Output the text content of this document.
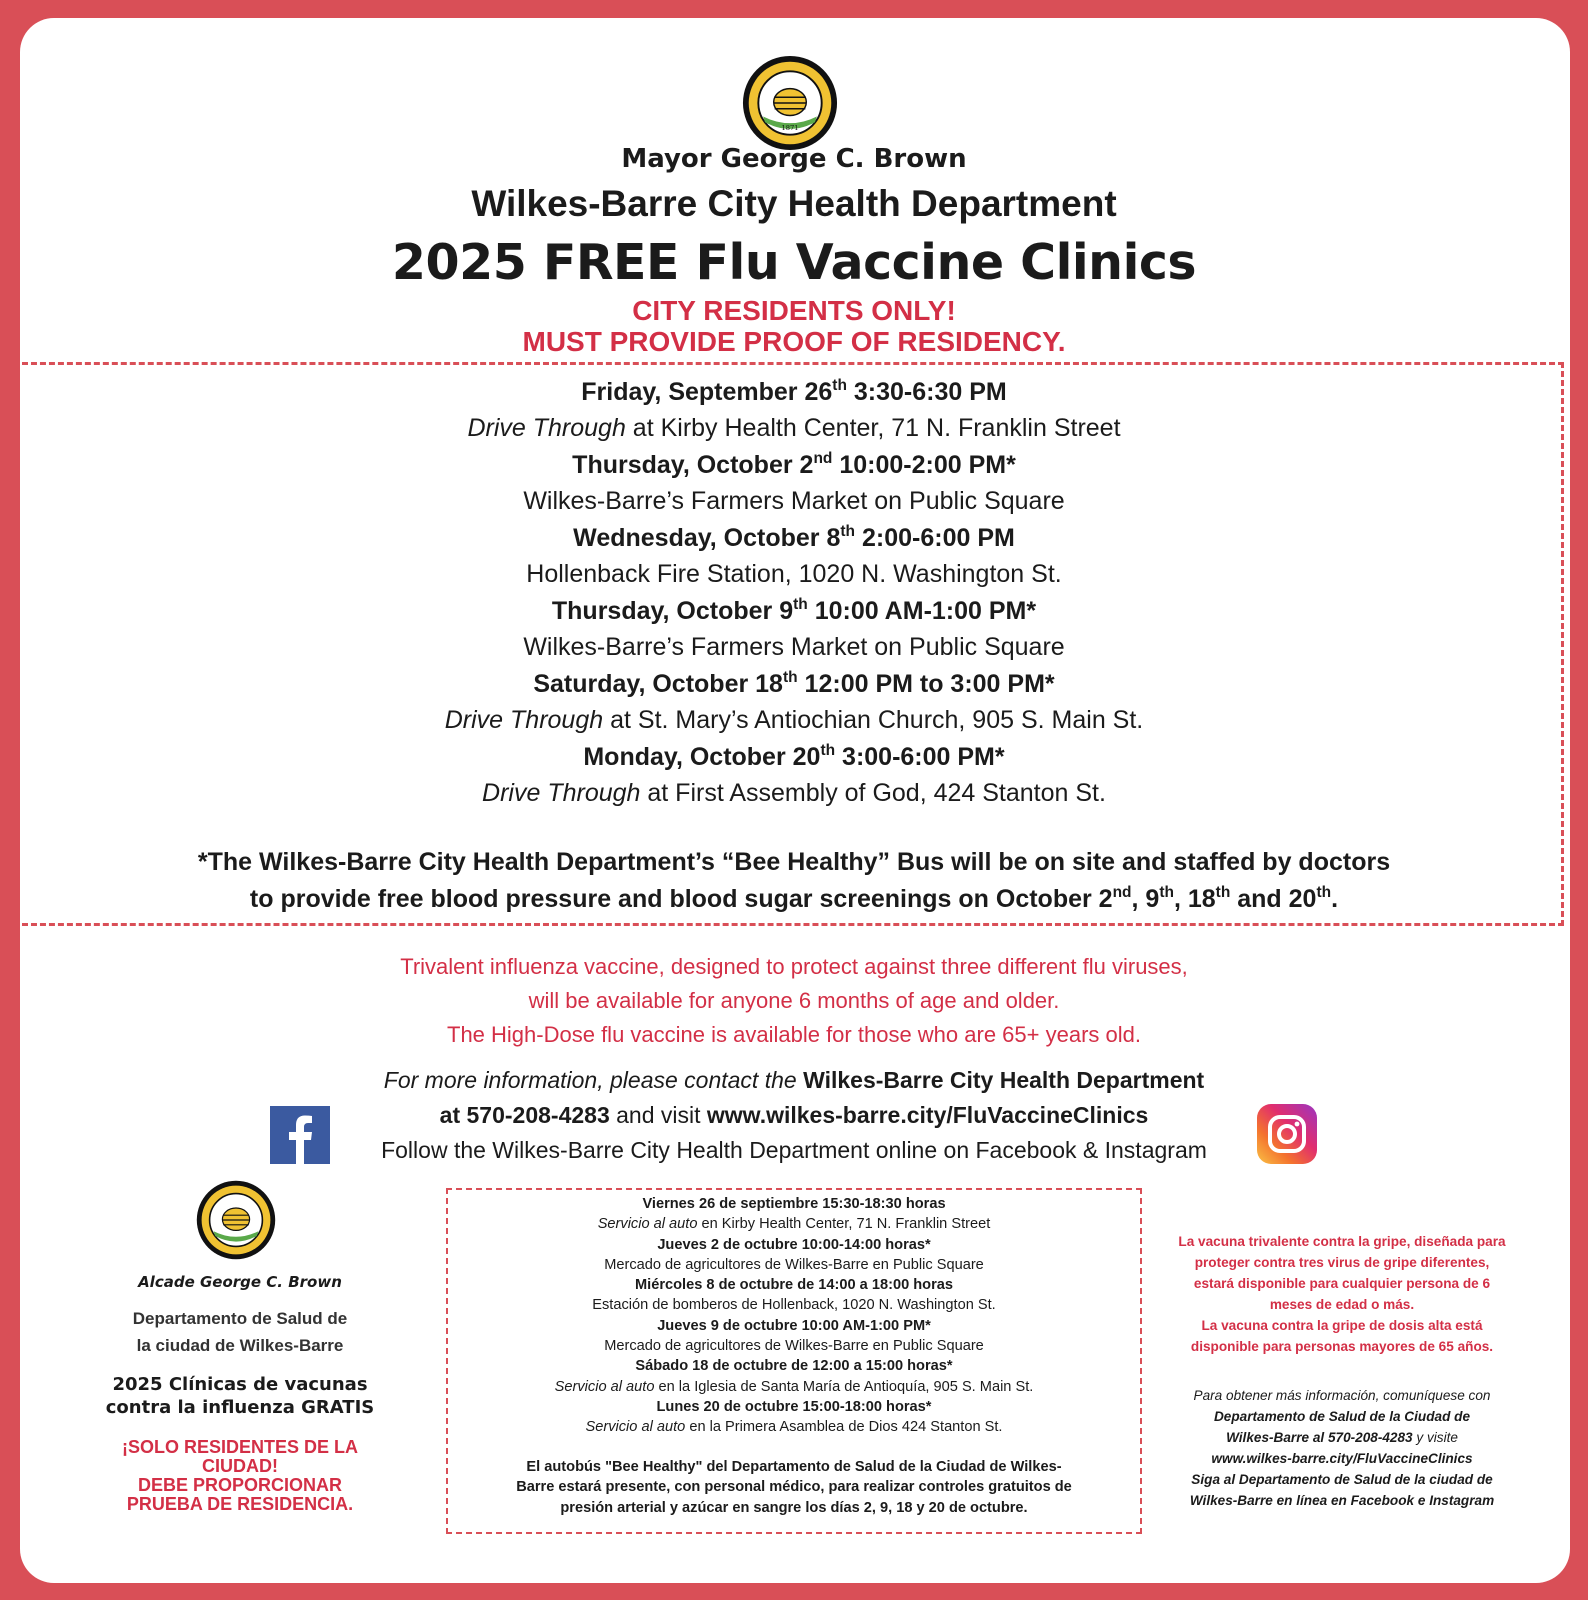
1871
Mayor George C. Brown
Wilkes-Barre City Health Department
2025 FREE Flu Vaccine Clinics
CITY RESIDENTS ONLY!
MUST PROVIDE PROOF OF RESIDENCY.
Friday, September 26th 3:30-6:30 PM
Drive Through at Kirby Health Center, 71 N. Franklin Street
Thursday, October 2nd 10:00-2:00 PM*
Wilkes-Barre’s Farmers Market on Public Square
Wednesday, October 8th 2:00-6:00 PM
Hollenback Fire Station, 1020 N. Washington St.
Thursday, October 9th 10:00 AM-1:00 PM*
Wilkes-Barre’s Farmers Market on Public Square
Saturday, October 18th 12:00 PM to 3:00 PM*
Drive Through at St. Mary’s Antiochian Church, 905 S. Main St.
Monday, October 20th 3:00-6:00 PM*
Drive Through at First Assembly of God, 424 Stanton St.
*The Wilkes-Barre City Health Department’s “Bee Healthy” Bus will be on site and staffed by doctors
to provide free blood pressure and blood sugar screenings on October 2nd, 9th, 18th and 20th.
Trivalent influenza vaccine, designed to protect against three different flu viruses,
will be available for anyone 6 months of age and older.
The High-Dose flu vaccine is available for those who are 65+ years old.
For more information, please contact the Wilkes-Barre City Health Department
at 570-208-4283 and visit www.wilkes-barre.city/FluVaccineClinics
Follow the Wilkes-Barre City Health Department online on Facebook & Instagram
Alcade George C. Brown
Departamento de Salud de
la ciudad de Wilkes-Barre
2025 Clínicas de vacunas
contra la influenza GRATIS
¡SOLO RESIDENTES DE LA
CIUDAD!
DEBE PROPORCIONAR
PRUEBA DE RESIDENCIA.
Viernes 26 de septiembre 15:30-18:30 horas
Servicio al auto en Kirby Health Center, 71 N. Franklin Street
Jueves 2 de octubre 10:00-14:00 horas*
Mercado de agricultores de Wilkes-Barre en Public Square
Miércoles 8 de octubre de 14:00 a 18:00 horas
Estación de bomberos de Hollenback, 1020 N. Washington St.
Jueves 9 de octubre 10:00 AM-1:00 PM*
Mercado de agricultores de Wilkes-Barre en Public Square
Sábado 18 de octubre de 12:00 a 15:00 horas*
Servicio al auto en la Iglesia de Santa María de Antioquía, 905 S. Main St.
Lunes 20 de octubre 15:00-18:00 horas*
Servicio al auto en la Primera Asamblea de Dios 424 Stanton St.
El autobús "Bee Healthy" del Departamento de Salud de la Ciudad de Wilkes-
Barre estará presente, con personal médico, para realizar controles gratuitos de
presión arterial y azúcar en sangre los días 2, 9, 18 y 20 de octubre.
La vacuna trivalente contra la gripe, diseñada para
proteger contra tres virus de gripe diferentes,
estará disponible para cualquier persona de 6
meses de edad o más.
La vacuna contra la gripe de dosis alta está
disponible para personas mayores de 65 años.
Para obtener más información, comuníquese con
Departamento de Salud de la Ciudad de
Wilkes-Barre al 570-208-4283 y visite
www.wilkes-barre.city/FluVaccineClinics
Siga al Departamento de Salud de la ciudad de
Wilkes-Barre en línea en Facebook e Instagram
